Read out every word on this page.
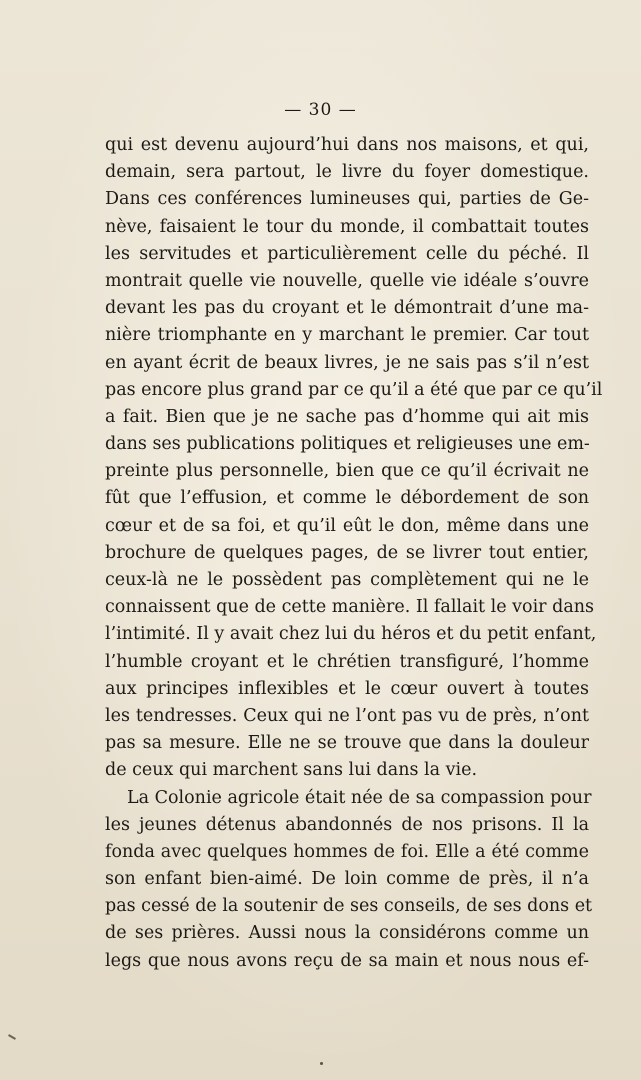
— 30 —
qui est devenu aujourd’hui dans nos maisons, et qui,
demain, sera partout, le livre du foyer domestique.
Dans ces conférences lumineuses qui, parties de Ge-
nève, faisaient le tour du monde, il combattait toutes
les servitudes et particulièrement celle du péché. Il
montrait quelle vie nouvelle, quelle vie idéale s’ouvre
devant les pas du croyant et le démontrait d’une ma-
nière triomphante en y marchant le premier. Car tout
en ayant écrit de beaux livres, je ne sais pas s’il n’est
pas encore plus grand par ce qu’il a été que par ce qu’il
a fait. Bien que je ne sache pas d’homme qui ait mis
dans ses publications politiques et religieuses une em-
preinte plus personnelle, bien que ce qu’il écrivait ne
fût que l’effusion, et comme le débordement de son
cœur et de sa foi, et qu’il eût le don, même dans une
brochure de quelques pages, de se livrer tout entier,
ceux-là ne le possèdent pas complètement qui ne le
connaissent que de cette manière. Il fallait le voir dans
l’intimité. Il y avait chez lui du héros et du petit enfant,
l’humble croyant et le chrétien transfiguré, l’homme
aux principes inflexibles et le cœur ouvert à toutes
les tendresses. Ceux qui ne l’ont pas vu de près, n’ont
pas sa mesure. Elle ne se trouve que dans la douleur
de ceux qui marchent sans lui dans la vie.
La Colonie agricole était née de sa compassion pour
les jeunes détenus abandonnés de nos prisons. Il la
fonda avec quelques hommes de foi. Elle a été comme
son enfant bien-aimé. De loin comme de près, il n’a
pas cessé de la soutenir de ses conseils, de ses dons et
de ses prières. Aussi nous la considérons comme un
legs que nous avons reçu de sa main et nous nous ef-
